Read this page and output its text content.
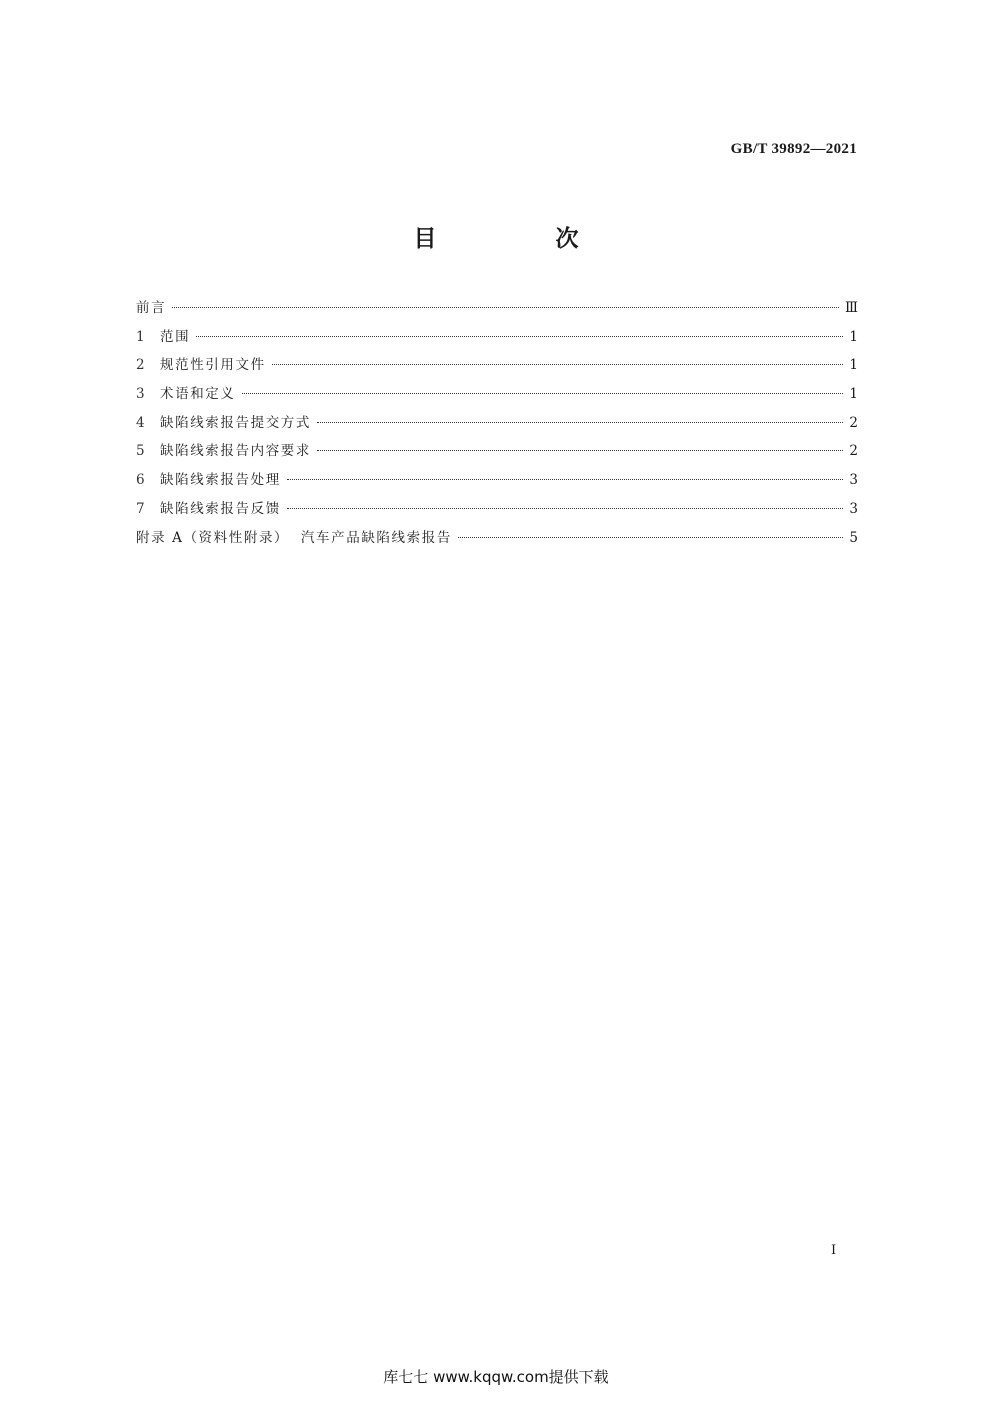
GB/T 39892—2021
目　次
前言	Ⅲ
1	范围	1
2	规范性引用文件	1
3	术语和定义	1
4	缺陷线索报告提交方式	2
5	缺陷线索报告内容要求	2
6	缺陷线索报告处理	3
7	缺陷线索报告反馈	3
附录 A（资料性附录）  汽车产品缺陷线索报告	5
I
库七七 www.kqqw.com提供下载
